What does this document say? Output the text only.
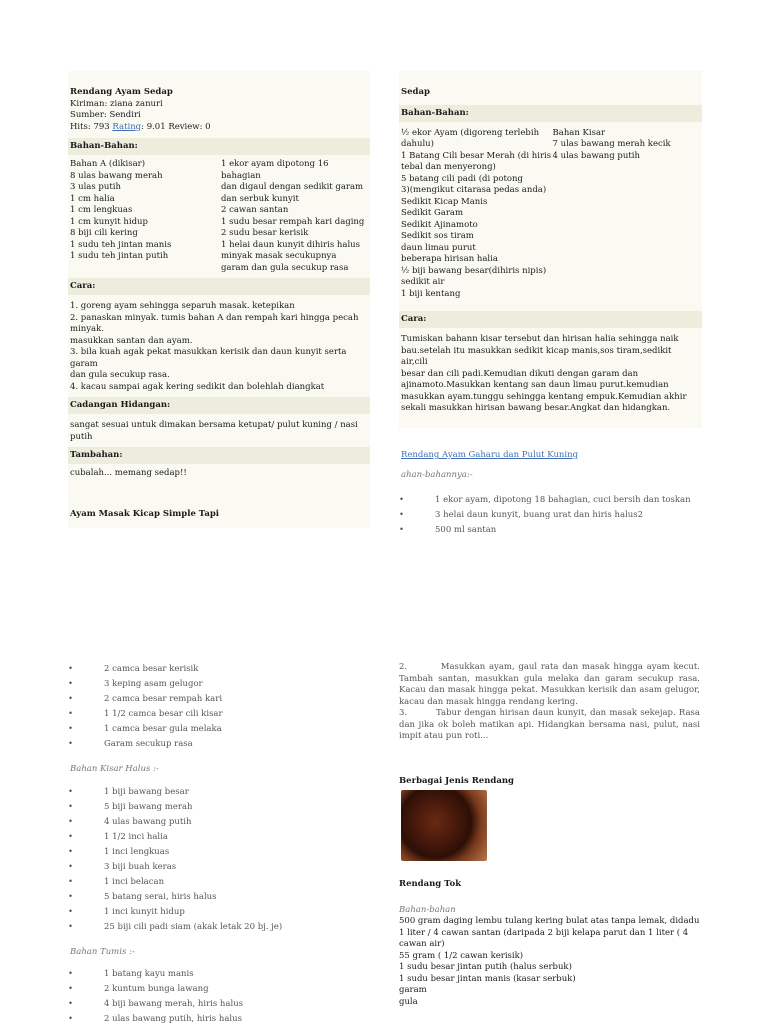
Rendang Ayam Sedap

Kiriman: ziana zanuri

Sumber: Sendiri

Hits: 793 Rating: 9.01 Review: 0

Bahan-Bahan:

Bahan A (dikisar)

8 ulas bawang merah

3 ulas putih

1 cm halia

1 cm lengkuas

1 cm kunyit hidup

8 biji cili kering

1 sudu teh jintan manis

1 sudu teh jintan putih

1 ekor ayam dipotong 16 bahagian

dan digaul dengan sedikit garam

dan serbuk kunyit

2 cawan santan

1 sudu besar rempah kari daging

2 sudu besar kerisik

1 helai daun kunyit dihiris halus

minyak masak secukupnya

garam dan gula secukup rasa

Cara:

1. goreng ayam sehingga separuh masak. ketepikan

2. panaskan minyak. tumis bahan A dan rempah kari hingga pecah

minyak.

masukkan santan dan ayam.

3. bila kuah agak pekat masukkan kerisik dan daun kunyit serta garam

dan gula secukup rasa.

4. kacau sampai agak kering sedikit dan bolehlah diangkat

Cadangan Hidangan:

sangat sesuai untuk dimakan bersama ketupat/ pulut kuning / nasi

putih

Tambahan:

cubalah... memang sedap!!

Ayam Masak Kicap Simple Tapi

Sedap

Bahan-Bahan:

½ ekor Ayam (digoreng terlebih

dahulu)

1 Batang Cili besar Merah (di hiris

tebal dan menyerong)

5 batang cili padi (di potong

3)(mengikut citarasa pedas anda)

Sedikit Kicap Manis

Sedikit Garam

Sedikit Ajinamoto

Sedikit sos tiram

daun limau purut

beberapa hirisan halia

½ biji bawang besar(dihiris nipis)

sedikit air

1 biji kentang

Bahan Kisar

7 ulas bawang merah kecik

4 ulas bawang putih

Cara:

Tumiskan bahann kisar tersebut dan hirisan halia sehingga naik

bau.setelah itu masukkan sedikit kicap manis,sos tiram,sedikit air,cili

besar dan cili padi.Kemudian dikuti dengan garam dan

ajinamoto.Masukkan kentang san daun limau purut.kemudian

masukkan ayam.tunggu sehingga kentang empuk.Kemudian akhir

sekali masukkan hirisan bawang besar.Angkat dan hidangkan.

Rendang Ayam Gaharu dan Pulut Kuning

ahan-bahannya:-

• 1 ekor ayam, dipotong 18 bahagian, cuci bersih dan toskan
• 3 helai daun kunyit, buang urat dan hiris halus2
• 500 ml santan
• 2 camca besar kerisik
• 3 keping asam gelugor
• 2 camca besar rempah kari
• 1 1/2 camca besar cili kisar
• 1 camca besar gula melaka
• Garam secukup rasa

Bahan Kisar Halus :-

• 1 biji bawang besar
• 5 biji bawang merah
• 4 ulas bawang putih
• 1 1/2 inci halia
• 1 inci lengkuas
• 3 biji buah keras
• 1 inci belacan
• 5 batang serai, hiris halus
• 1 inci kunyit hidup
• 25 biji cili padi siam (akak letak 20 bj. je)

Bahan Tumis :-

• 1 batang kayu manis
• 2 kuntum bunga lawang
• 4 biji bawang merah, hiris halus
• 2 ulas bawang putih, hiris halus

2.	Masukkan ayam, gaul rata dan masak hingga ayam kecut. Tambah santan, masukkan gula melaka dan garam secukup rasa. Kacau dan masak hingga pekat. Masukkan kerisik dan asam gelugor, kacau dan masak hingga rendang kering.

3.	Tabur dengan hirisan daun kunyit, dan masak sekejap. Rasa dan jika ok boleh matikan api. Hidangkan bersama nasi, pulut, nasi impit atau pun roti...

Berbagai Jenis Rendang

Rendang Tok

Bahan-bahan

500 gram daging lembu tulang kering bulat atas tanpa lemak, didadu

1 liter / 4 cawan santan (daripada 2 biji kelapa parut dan 1 liter ( 4

cawan air)

55 gram ( 1/2 cawan kerisik)

1 sudu besar jintan putih (halus serbuk)

1 sudu besar jintan manis (kasar serbuk)

garam

gula
